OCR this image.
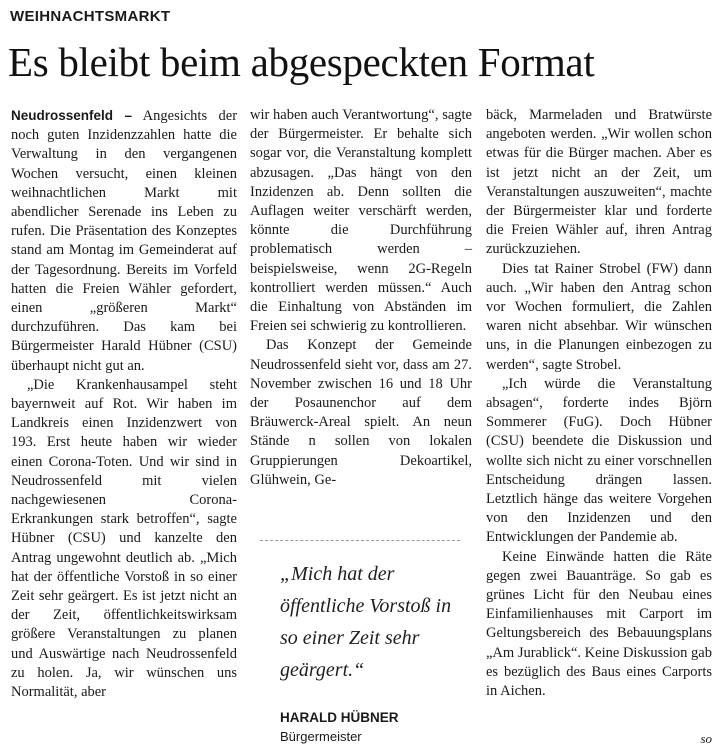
WEIHNACHTSMARKT

Es bleibt beim abgespeckten Format

Neudrossenfeld – Angesichts der noch guten Inzidenzzahlen hatte die Verwaltung in den vergangenen Wochen versucht, einen kleinen weihnachtlichen Markt mit abendlicher Serenade ins Leben zu rufen. Die Präsentation des Konzeptes stand am Montag im Gemeinderat auf der Tagesordnung. Bereits im Vorfeld hatten die Freien Wähler gefordert, einen „größeren Markt“ durchzuführen. Das kam bei Bürgermeister Harald Hübner (CSU) überhaupt nicht gut an.

„Die Krankenhausampel steht bayernweit auf Rot. Wir haben im Landkreis einen Inzidenzwert von 193. Erst heute haben wir wieder einen Corona-Toten. Und wir sind in Neudrossenfeld mit vielen nachgewiesenen Corona-Erkrankungen stark betroffen“, sagte Hübner (CSU) und kanzelte den Antrag ungewohnt deutlich ab. „Mich hat der öffentliche Vorstoß in so einer Zeit sehr geärgert. Es ist jetzt nicht an der Zeit, öffentlichkeitswirksam größere Veranstaltungen zu planen und Auswärtige nach Neudrossenfeld zu holen. Ja, wir wünschen uns Normalität, aber

wir haben auch Verantwortung“, sagte der Bürgermeister. Er behalte sich sogar vor, die Veranstaltung komplett abzusagen. „Das hängt von den Inzidenzen ab. Denn sollten die Auflagen weiter verschärft werden, könnte die Durchführung problematisch werden – beispielsweise, wenn 2G-Regeln kontrolliert werden müssen.“ Auch die Einhaltung von Abständen im Freien sei schwierig zu kontrollieren.

Das Konzept der Gemeinde Neudrossenfeld sieht vor, dass am 27. November zwischen 16 und 18 Uhr der Posaunenchor auf dem Bräuwerck-Areal spielt. An neun Stände n sollen von lokalen Gruppierungen Dekoartikel, Glühwein, Ge-

bäck, Marmeladen und Bratwürste angeboten werden. „Wir wollen schon etwas für die Bürger machen. Aber es ist jetzt nicht an der Zeit, um Veranstaltungen auszuweiten“, machte der Bürgermeister klar und forderte die Freien Wähler auf, ihren Antrag zurückzuziehen.

Dies tat Rainer Strobel (FW) dann auch. „Wir haben den Antrag schon vor Wochen formuliert, die Zahlen waren nicht absehbar. Wir wünschen uns, in die Planungen einbezogen zu werden“, sagte Strobel.

„Ich würde die Veranstaltung absagen“, forderte indes Björn Sommerer (FuG). Doch Hübner (CSU) beendete die Diskussion und wollte sich nicht zu einer vorschnellen Entscheidung drängen lassen. Letztlich hänge das weitere Vorgehen von den Inzidenzen und den Entwicklungen der Pandemie ab.

Keine Einwände hatten die Räte gegen zwei Bauanträge. So gab es grünes Licht für den Neubau eines Einfamilienhauses mit Carport im Geltungsbereich des Bebauungsplans „Am Jurablick“. Keine Diskussion gab es bezüglich des Baus eines Carports in Aichen.

„Mich hat der öffentliche Vorstoß in so einer Zeit sehr geärgert.“

HARALD HÜBNER

Bürgermeister	so
